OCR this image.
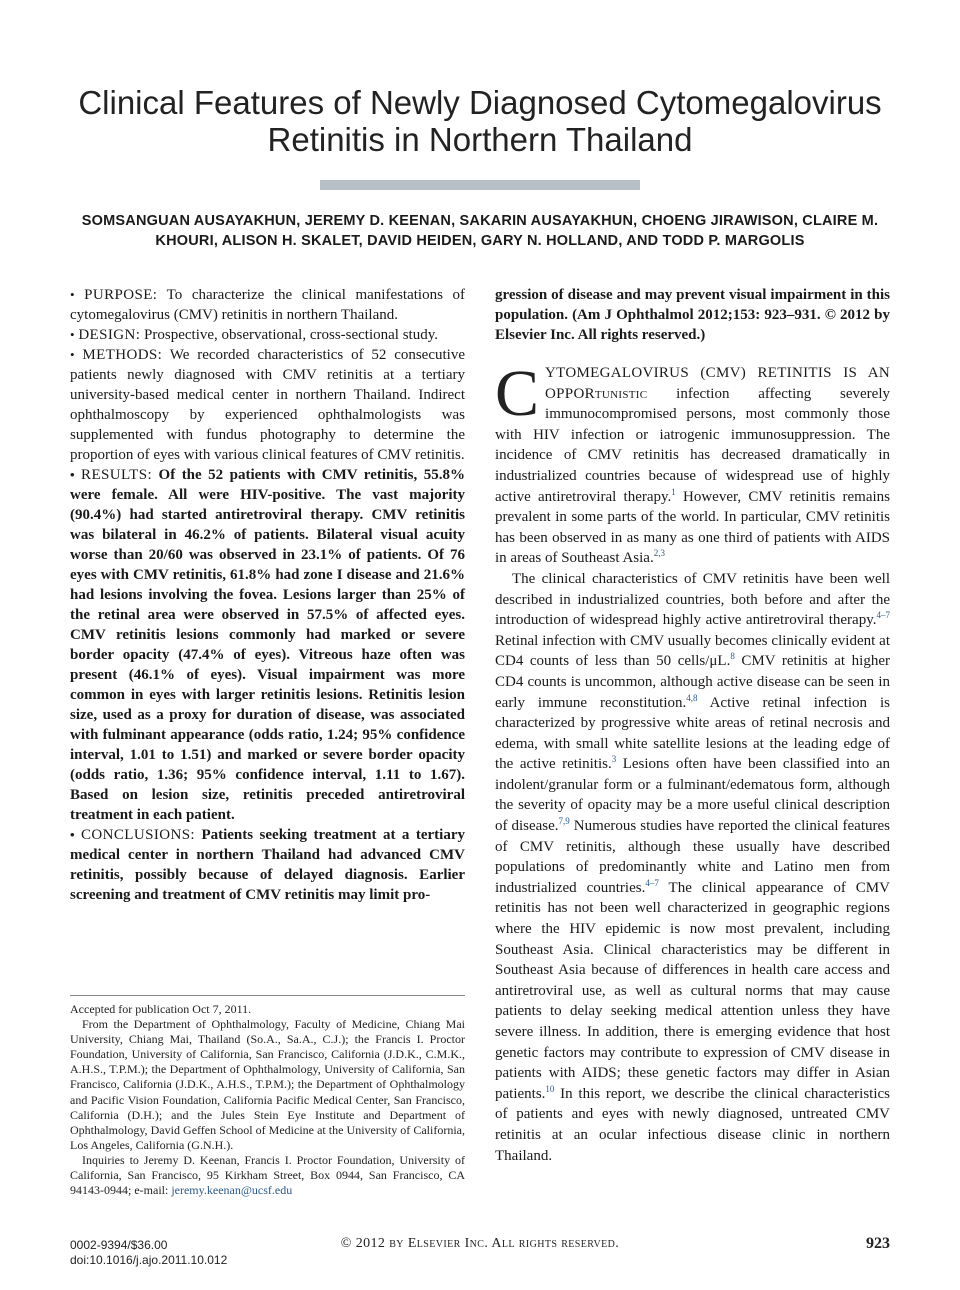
Clinical Features of Newly Diagnosed Cytomegalovirus Retinitis in Northern Thailand
SOMSANGUAN AUSAYAKHUN, JEREMY D. KEENAN, SAKARIN AUSAYAKHUN, CHOENG JIRAWISON, CLAIRE M. KHOURI, ALISON H. SKALET, DAVID HEIDEN, GARY N. HOLLAND, AND TODD P. MARGOLIS

• PURPOSE: To characterize the clinical manifestations of cytomegalovirus (CMV) retinitis in northern Thailand.

• DESIGN: Prospective, observational, cross-sectional study.

• METHODS: We recorded characteristics of 52 consecutive patients newly diagnosed with CMV retinitis at a tertiary university-based medical center in northern Thailand. Indirect ophthalmoscopy by experienced ophthalmologists was supplemented with fundus photography to determine the proportion of eyes with various clinical features of CMV retinitis.

• RESULTS: Of the 52 patients with CMV retinitis, 55.8% were female. All were HIV-positive. The vast majority (90.4%) had started antiretroviral therapy. CMV retinitis was bilateral in 46.2% of patients. Bilateral visual acuity worse than 20/60 was observed in 23.1% of patients. Of 76 eyes with CMV retinitis, 61.8% had zone I disease and 21.6% had lesions involving the fovea. Lesions larger than 25% of the retinal area were observed in 57.5% of affected eyes. CMV retinitis lesions commonly had marked or severe border opacity (47.4% of eyes). Vitreous haze often was present (46.1% of eyes). Visual impairment was more common in eyes with larger retinitis lesions. Retinitis lesion size, used as a proxy for duration of disease, was associated with fulminant appearance (odds ratio, 1.24; 95% confidence interval, 1.01 to 1.51) and marked or severe border opacity (odds ratio, 1.36; 95% confidence interval, 1.11 to 1.67). Based on lesion size, retinitis preceded antiretroviral treatment in each patient.

• CONCLUSIONS: Patients seeking treatment at a tertiary medical center in northern Thailand had advanced CMV retinitis, possibly because of delayed diagnosis. Earlier screening and treatment of CMV retinitis may limit pro-

Accepted for publication Oct 7, 2011.

From the Department of Ophthalmology, Faculty of Medicine, Chiang Mai University, Chiang Mai, Thailand (So.A., Sa.A., C.J.); the Francis I. Proctor Foundation, University of California, San Francisco, California (J.D.K., C.M.K., A.H.S., T.P.M.); the Department of Ophthalmology, University of California, San Francisco, California (J.D.K., A.H.S., T.P.M.); the Department of Ophthalmology and Pacific Vision Foundation, California Pacific Medical Center, San Francisco, California (D.H.); and the Jules Stein Eye Institute and Department of Ophthalmology, David Geffen School of Medicine at the University of California, Los Angeles, California (G.N.H.).

Inquiries to Jeremy D. Keenan, Francis I. Proctor Foundation, University of California, San Francisco, 95 Kirkham Street, Box 0944, San Francisco, CA 94143-0944; e-mail: jeremy.keenan@ucsf.edu

gression of disease and may prevent visual impairment in this population. (Am J Ophthalmol 2012;153: 923–931. © 2012 by Elsevier Inc. All rights reserved.)

CYTOMEGALOVIRUS (CMV) RETINITIS IS AN OPPORtunistic infection affecting severely immunocompromised persons, most commonly those with HIV infection or iatrogenic immunosuppression. The incidence of CMV retinitis has decreased dramatically in industrialized countries because of widespread use of highly active antiretroviral therapy.$^1$ However, CMV retinitis remains prevalent in some parts of the world. In particular, CMV retinitis has been observed in as many as one third of patients with AIDS in areas of Southeast Asia.$^{2,3}$

The clinical characteristics of CMV retinitis have been well described in industrialized countries, both before and after the introduction of widespread highly active antiretroviral therapy.$^{4-7}$ Retinal infection with CMV usually becomes clinically evident at CD4 counts of less than 50 cells/μL.$^8$ CMV retinitis at higher CD4 counts is uncommon, although active disease can be seen in early immune reconstitution.$^{4,8}$ Active retinal infection is characterized by progressive white areas of retinal necrosis and edema, with small white satellite lesions at the leading edge of the active retinitis.$^3$ Lesions often have been classified into an indolent/granular form or a fulminant/edematous form, although the severity of opacity may be a more useful clinical description of disease.$^{7,9}$ Numerous studies have reported the clinical features of CMV retinitis, although these usually have described populations of predominantly white and Latino men from industrialized countries.$^{4-7}$ The clinical appearance of CMV retinitis has not been well characterized in geographic regions where the HIV epidemic is now most prevalent, including Southeast Asia. Clinical characteristics may be different in Southeast Asia because of differences in health care access and antiretroviral use, as well as cultural norms that may cause patients to delay seeking medical attention unless they have severe illness. In addition, there is emerging evidence that host genetic factors may contribute to expression of CMV disease in patients with AIDS; these genetic factors may differ in Asian patients.$^{10}$ In this report, we describe the clinical characteristics of patients and eyes with newly diagnosed, untreated CMV retinitis at an ocular infectious disease clinic in northern Thailand.

0002-9394/$36.00
doi:10.1016/j.ajo.2011.10.012
© 2012 by Elsevier Inc. All rights reserved.	923
